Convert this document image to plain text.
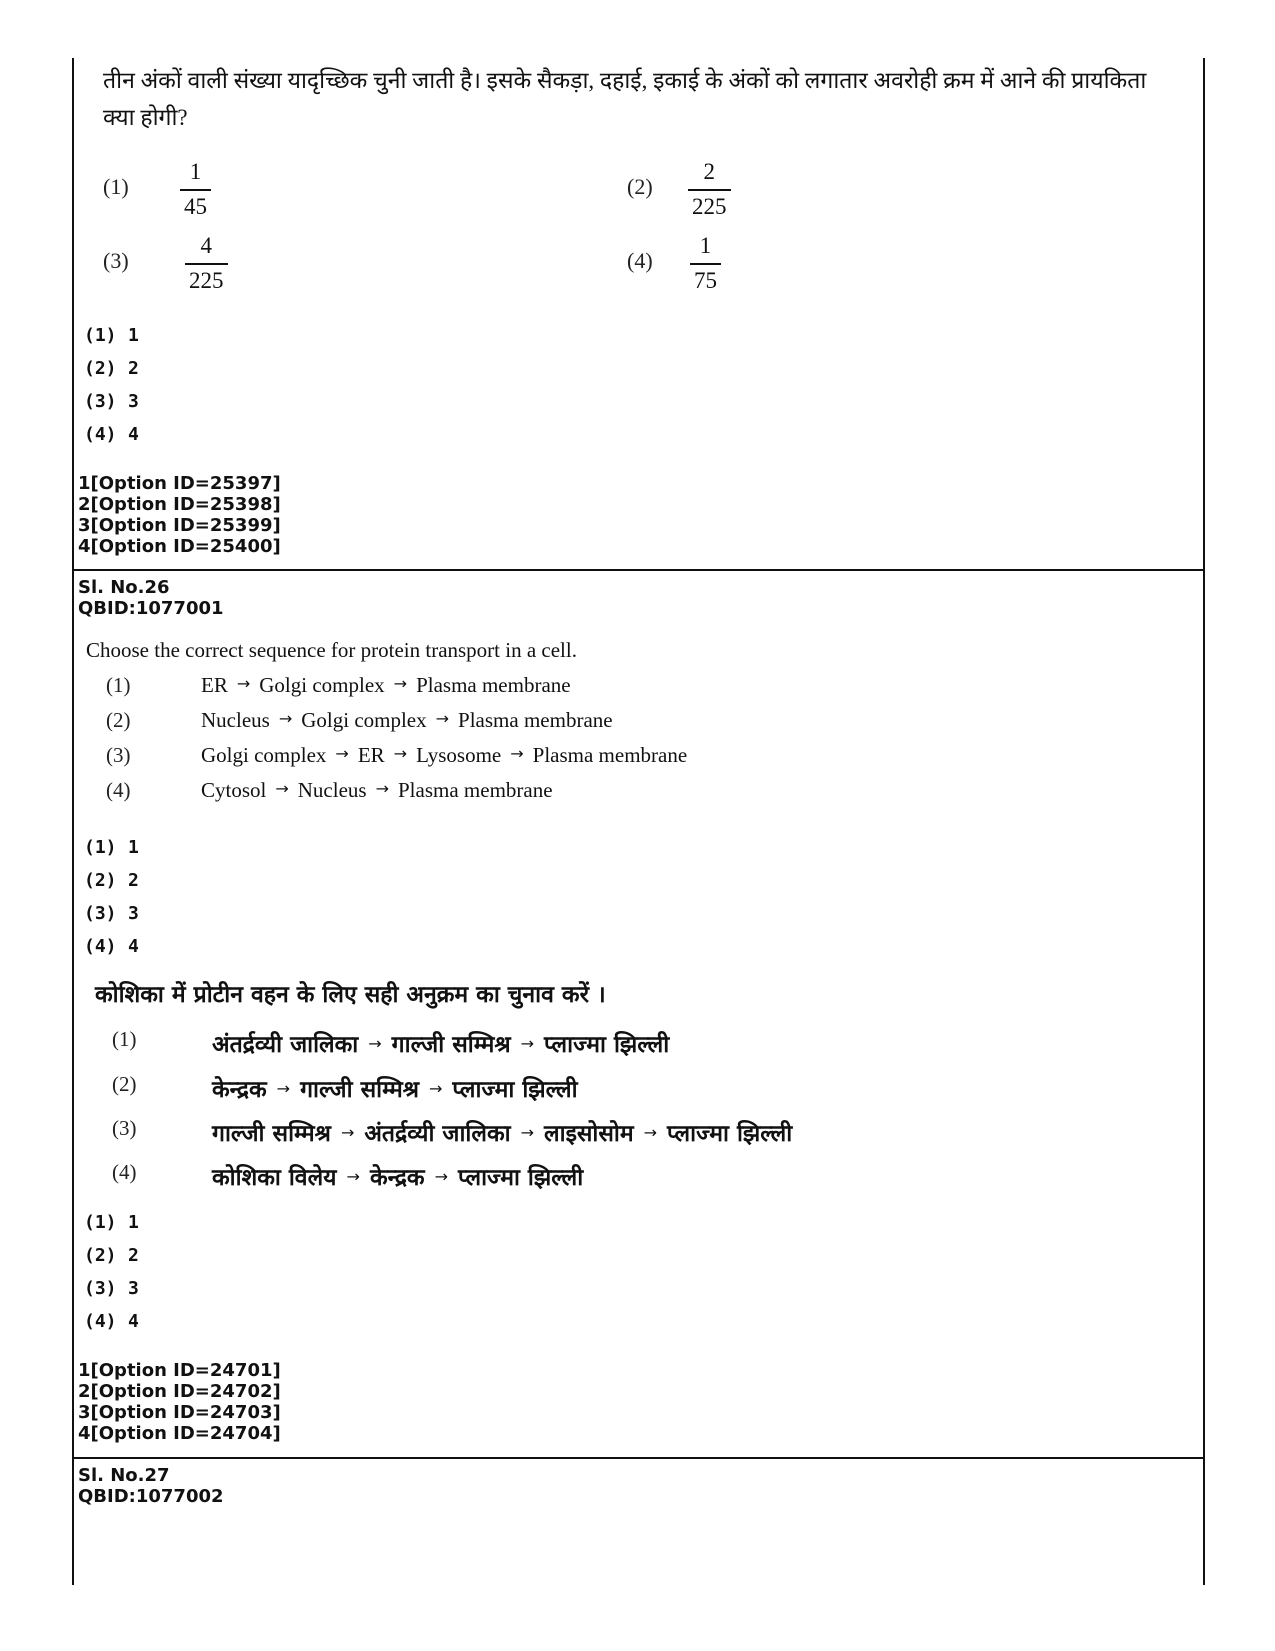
तीन अंकों वाली संख्या यादृच्छिक चुनी जाती है। इसके सैकड़ा, दहाई, इकाई के अंकों को लगातार अवरोही क्रम में आने की प्रायकिता क्या होगी?
(1)
1
45
(2)
2
225
(3)
4
225
(4)
1
75
(1) 1
(2) 2
(3) 3
(4) 4
1[Option ID=25397]
2[Option ID=25398]
3[Option ID=25399]
4[Option ID=25400]
Sl. No.26
QBID:1077001
Choose the correct sequence for protein transport in a cell.
(1)	ER → Golgi complex → Plasma membrane
(2)	Nucleus → Golgi complex → Plasma membrane
(3)	Golgi complex → ER → Lysosome → Plasma membrane
(4)	Cytosol → Nucleus → Plasma membrane
(1) 1
(2) 2
(3) 3
(4) 4
कोशिका में प्रोटीन वहन के लिए सही अनुक्रम का चुनाव करें ।
(1)	अंतर्द्रव्यी जालिका → गाल्जी सम्मिश्र → प्लाज्मा झिल्ली
(2)	केन्द्रक → गाल्जी सम्मिश्र → प्लाज्मा झिल्ली
(3)	गाल्जी सम्मिश्र → अंतर्द्रव्यी जालिका → लाइसोसोम → प्लाज्मा झिल्ली
(4)	कोशिका विलेय → केन्द्रक → प्लाज्मा झिल्ली
(1) 1
(2) 2
(3) 3
(4) 4
1[Option ID=24701]
2[Option ID=24702]
3[Option ID=24703]
4[Option ID=24704]
Sl. No.27
QBID:1077002
